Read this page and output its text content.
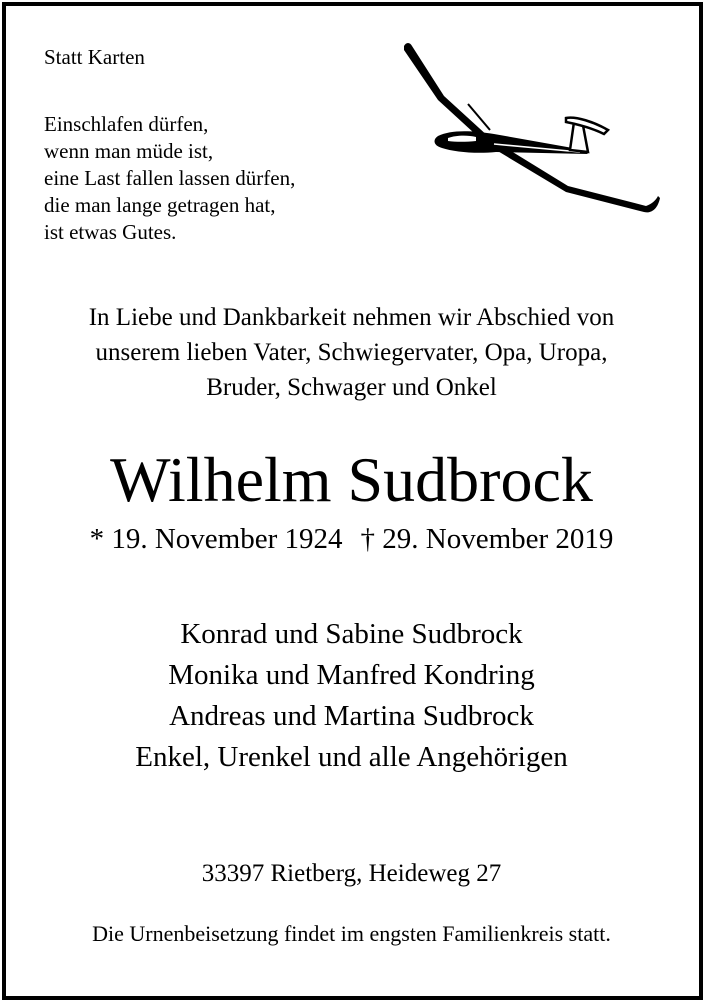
Statt Karten
Einschlafen dürfen,
wenn man müde ist,
eine Last fallen lassen dürfen,
die man lange getragen hat,
ist etwas Gutes.
In Liebe und Dankbarkeit nehmen wir Abschied von
unserem lieben Vater, Schwiegervater, Opa, Uropa,
Bruder, Schwager und Onkel
Wilhelm Sudbrock
* 19. November 1924 † 29. November 2019
Konrad und Sabine Sudbrock
Monika und Manfred Kondring
Andreas und Martina Sudbrock
Enkel, Urenkel und alle Angehörigen
33397 Rietberg, Heideweg 27
Die Urnenbeisetzung findet im engsten Familienkreis statt.
